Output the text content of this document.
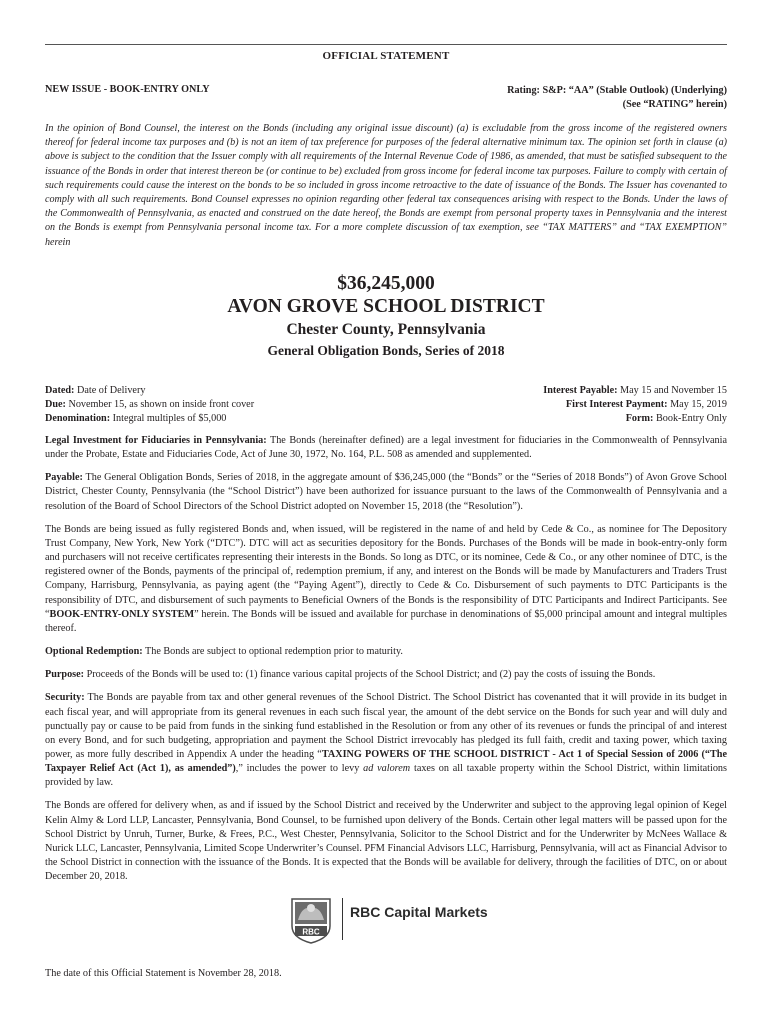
OFFICIAL STATEMENT
NEW ISSUE - BOOK-ENTRY ONLY	Rating: S&P: “AA” (Stable Outlook) (Underlying)
(See “RATING” herein)
In the opinion of Bond Counsel, the interest on the Bonds (including any original issue discount) (a) is excludable from the gross income of the registered owners thereof for federal income tax purposes and (b) is not an item of tax preference for purposes of the federal alternative minimum tax. The opinion set forth in clause (a) above is subject to the condition that the Issuer comply with all requirements of the Internal Revenue Code of 1986, as amended, that must be satisfied subsequent to the issuance of the Bonds in order that interest thereon be (or continue to be) excluded from gross income for federal income tax purposes. Failure to comply with certain of such requirements could cause the interest on the bonds to be so included in gross income retroactive to the date of issuance of the Bonds. The Issuer has covenanted to comply with all such requirements. Bond Counsel expresses no opinion regarding other federal tax consequences arising with respect to the Bonds. Under the laws of the Commonwealth of Pennsylvania, as enacted and construed on the date hereof, the Bonds are exempt from personal property taxes in Pennsylvania and the interest on the Bonds is exempt from Pennsylvania personal income tax. For a more complete discussion of tax exemption, see “TAX MATTERS” and “TAX EXEMPTION” herein
$36,245,000
AVON GROVE SCHOOL DISTRICT
Chester County, Pennsylvania
General Obligation Bonds, Series of 2018
Dated: Date of Delivery
Due: November 15, as shown on inside front cover
Denomination: Integral multiples of $5,000
Interest Payable: May 15 and November 15
First Interest Payment: May 15, 2019
Form: Book-Entry Only

Legal Investment for Fiduciaries in Pennsylvania: The Bonds (hereinafter defined) are a legal investment for fiduciaries in the Commonwealth of Pennsylvania under the Probate, Estate and Fiduciaries Code, Act of June 30, 1972, No. 164, P.L. 508 as amended and supplemented.

Payable: The General Obligation Bonds, Series of 2018, in the aggregate amount of $36,245,000 (the “Bonds” or the “Series of 2018 Bonds”) of Avon Grove School District, Chester County, Pennsylvania (the “School District”) have been authorized for issuance pursuant to the laws of the Commonwealth of Pennsylvania and a resolution of the Board of School Directors of the School District adopted on November 15, 2018 (the “Resolution”).

The Bonds are being issued as fully registered Bonds and, when issued, will be registered in the name of and held by Cede & Co., as nominee for The Depository Trust Company, New York, New York (“DTC”). DTC will act as securities depository for the Bonds. Purchases of the Bonds will be made in book-entry-only form and purchasers will not receive certificates representing their interests in the Bonds. So long as DTC, or its nominee, Cede & Co., or any other nominee of DTC, is the registered owner of the Bonds, payments of the principal of, redemption premium, if any, and interest on the Bonds will be made by Manufacturers and Traders Trust Company, Harrisburg, Pennsylvania, as paying agent (the “Paying Agent”), directly to Cede & Co. Disbursement of such payments to DTC Participants is the responsibility of DTC, and disbursement of such payments to Beneficial Owners of the Bonds is the responsibility of DTC Participants and Indirect Participants. See “BOOK-ENTRY-ONLY SYSTEM” herein. The Bonds will be issued and available for purchase in denominations of $5,000 principal amount and integral multiples thereof.

Optional Redemption: The Bonds are subject to optional redemption prior to maturity.

Purpose: Proceeds of the Bonds will be used to: (1) finance various capital projects of the School District; and (2) pay the costs of issuing the Bonds.

Security: The Bonds are payable from tax and other general revenues of the School District. The School District has covenanted that it will provide in its budget in each fiscal year, and will appropriate from its general revenues in each such fiscal year, the amount of the debt service on the Bonds for such year and will duly and punctually pay or cause to be paid from funds in the sinking fund established in the Resolution or from any other of its revenues or funds the principal of and interest on every Bond, and for such budgeting, appropriation and payment the School District irrevocably has pledged its full faith, credit and taxing power, which taxing power, as more fully described in Appendix A under the heading “TAXING POWERS OF THE SCHOOL DISTRICT - Act 1 of Special Session of 2006 (“The Taxpayer Relief Act (Act 1), as amended”),” includes the power to levy ad valorem taxes on all taxable property within the School District, within limitations provided by law.

The Bonds are offered for delivery when, as and if issued by the School District and received by the Underwriter and subject to the approving legal opinion of Kegel Kelin Almy & Lord LLP, Lancaster, Pennsylvania, Bond Counsel, to be furnished upon delivery of the Bonds. Certain other legal matters will be passed upon for the School District by Unruh, Turner, Burke, & Frees, P.C., West Chester, Pennsylvania, Solicitor to the School District and for the Underwriter by McNees Wallace & Nurick LLC, Lancaster, Pennsylvania, Limited Scope Underwriter’s Counsel. PFM Financial Advisors LLC, Harrisburg, Pennsylvania, will act as Financial Advisor to the School District in connection with the issuance of the Bonds. It is expected that the Bonds will be available for delivery, through the facilities of DTC, on or about December 20, 2018.

RBC
RBC Capital Markets
The date of this Official Statement is November 28, 2018.
